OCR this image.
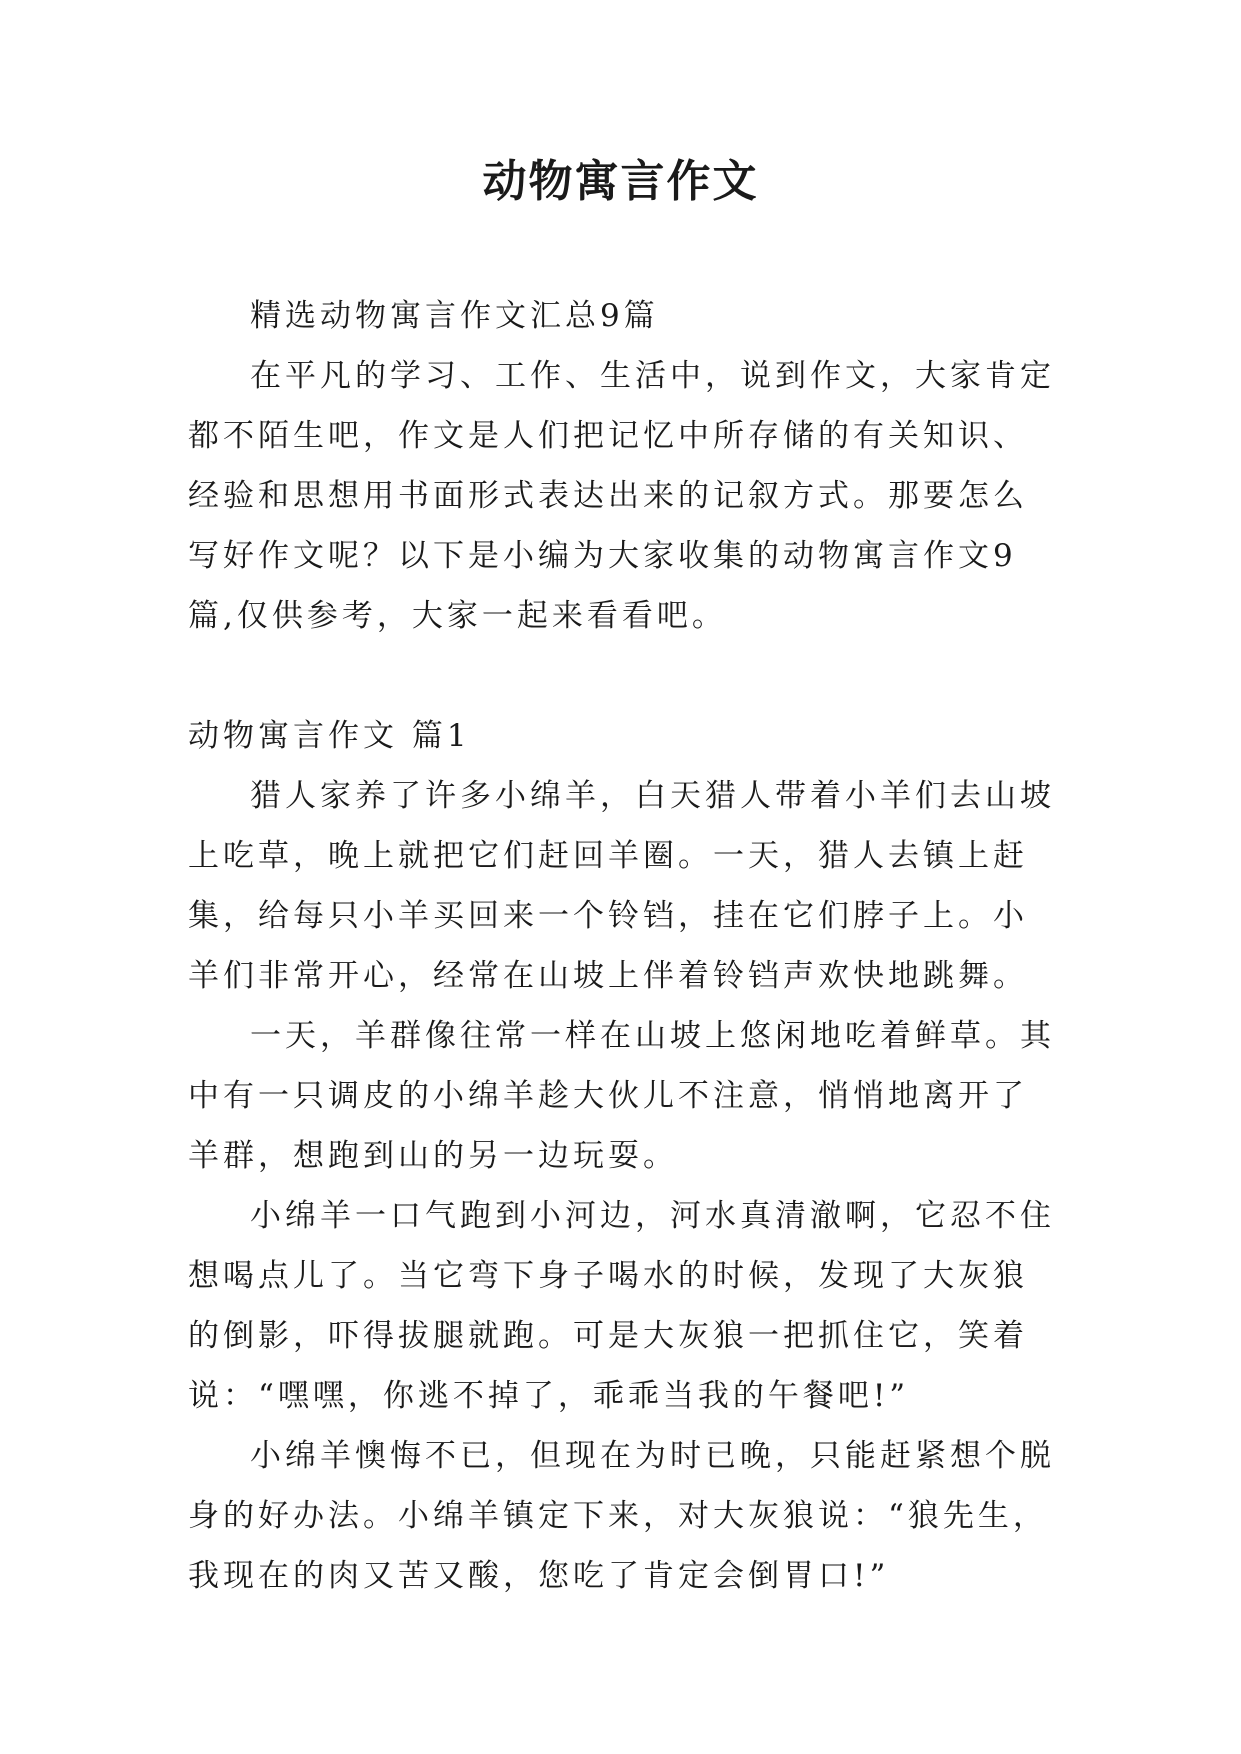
动物寓言作文

精选动物寓言作文汇总9篇

在平凡的学习、工作、生活中，说到作文，大家肯定都不陌生吧，作文是人们把记忆中所存储的有关知识、经验和思想用书面形式表达出来的记叙方式。那要怎么写好作文呢？以下是小编为大家收集的动物寓言作文9篇,仅供参考，大家一起来看看吧。

动物寓言作文 篇1

猎人家养了许多小绵羊，白天猎人带着小羊们去山坡上吃草，晚上就把它们赶回羊圈。一天，猎人去镇上赶集，给每只小羊买回来一个铃铛，挂在它们脖子上。小羊们非常开心，经常在山坡上伴着铃铛声欢快地跳舞。

一天，羊群像往常一样在山坡上悠闲地吃着鲜草。其中有一只调皮的小绵羊趁大伙儿不注意，悄悄地离开了羊群，想跑到山的另一边玩耍。

小绵羊一口气跑到小河边，河水真清澈啊，它忍不住想喝点儿了。当它弯下身子喝水的时候，发现了大灰狼的倒影，吓得拔腿就跑。可是大灰狼一把抓住它，笑着说：“嘿嘿，你逃不掉了，乖乖当我的午餐吧!”

小绵羊懊悔不已，但现在为时已晚，只能赶紧想个脱身的好办法。小绵羊镇定下来，对大灰狼说：“狼先生，我现在的肉又苦又酸，您吃了肯定会倒胃口!”
